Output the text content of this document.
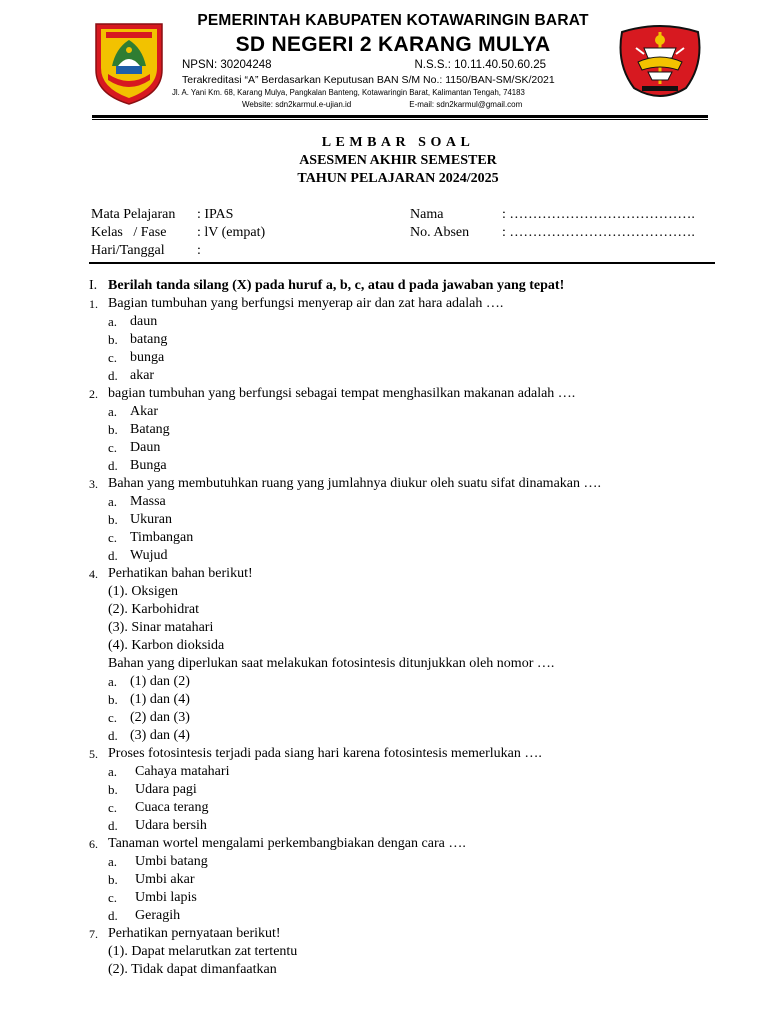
PEMERINTAH KABUPATEN KOTAWARINGIN BARAT
SD NEGERI 2 KARANG MULYA
NPSN: 30204248	N.S.S.: 10.11.40.50.60.25
Terakreditasi “A” Berdasarkan Keputusan BAN S/M No.: 1150/BAN-SM/SK/2021
Jl. A. Yani Km. 68, Karang Mulya, Pangkalan Banteng, Kotawaringin Barat, Kalimantan Tengah, 74183
Website: sdn2karmul.e-ujian.id	E-mail: sdn2karmul@gmail.com
LEMBAR SOAL
ASESMEN AKHIR SEMESTER
TAHUN PELAJARAN 2024/2025
Mata Pelajaran	: IPAS
Kelas   / Fase	: lV (empat)
Hari/Tanggal	:
Nama	: ………………………………….
No. Absen	: ………………………………….
I. Berilah tanda silang (X) pada huruf a, b, c, atau d pada jawaban yang tepat!
1. Bagian tumbuhan yang berfungsi menyerap air dan zat hara adalah ….
a. daun
b. batang
c. bunga
d. akar
2. bagian tumbuhan yang berfungsi sebagai tempat menghasilkan makanan adalah ….
a. Akar
b. Batang
c. Daun
d. Bunga
3. Bahan yang membutuhkan ruang yang jumlahnya diukur oleh suatu sifat dinamakan ….
a. Massa
b. Ukuran
c. Timbangan
d. Wujud
4. Perhatikan bahan berikut!
(1). Oksigen
(2). Karbohidrat
(3). Sinar matahari
(4). Karbon dioksida
Bahan yang diperlukan saat melakukan fotosintesis ditunjukkan oleh nomor ….
a. (1) dan (2)
b. (1) dan (4)
c. (2) dan (3)
d. (3) dan (4)
5. Proses fotosintesis terjadi pada siang hari karena fotosintesis memerlukan ….
a. Cahaya matahari
b. Udara pagi
c. Cuaca terang
d. Udara bersih
6. Tanaman wortel mengalami perkembangbiakan dengan cara ….
a. Umbi batang
b. Umbi akar
c. Umbi lapis
d. Geragih
7. Perhatikan pernyataan berikut!
(1). Dapat melarutkan zat tertentu
(2). Tidak dapat dimanfaatkan
